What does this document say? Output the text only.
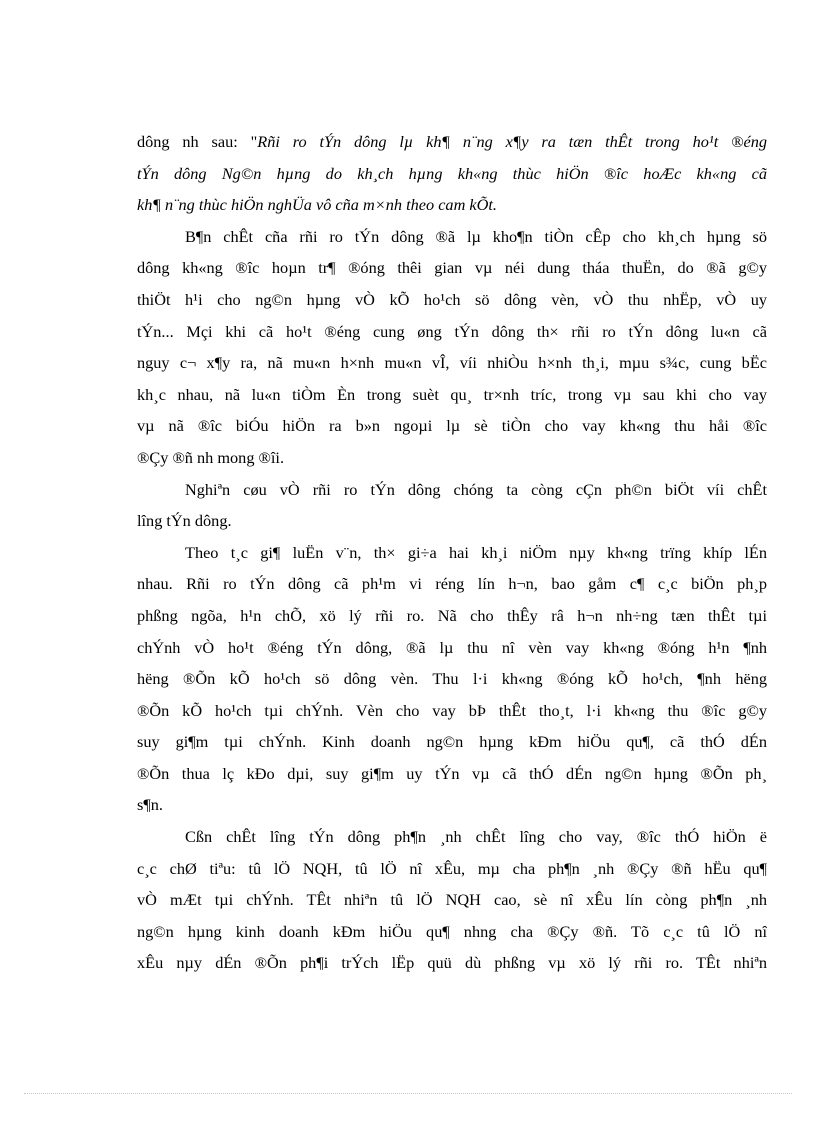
dông nh sau: "Rñi ro tÝn dông lµ kh¶ n¨ng x¶y ra tæn thÊt trong ho¹t ®éng
tÝn dông Ng©n hµng do kh¸ch hµng kh«ng thùc hiÖn ®îc hoÆc kh«ng cã
kh¶ n¨ng thùc hiÖn nghÜa vô cña m×nh theo cam kÕt.
B¶n chÊt cña rñi ro tÝn dông ®ã lµ kho¶n tiÒn cÊp cho kh¸ch hµng sö
dông kh«ng ®îc hoµn tr¶ ®óng thêi gian vµ néi dung tháa thuËn, do ®ã g©y
thiÖt h¹i cho ng©n hµng vÒ kÕ ho¹ch sö dông vèn, vÒ thu nhËp, vÒ uy
tÝn... Mçi khi cã ho¹t ®éng cung øng tÝn dông th× rñi ro tÝn dông lu«n cã
nguy c¬ x¶y ra, nã mu«n h×nh mu«n vÎ, víi nhiÒu h×nh th¸i, mµu s¾c, cung bËc
kh¸c nhau, nã lu«n tiÒm Èn trong suèt qu¸ tr×nh tríc, trong vµ sau khi cho vay
vµ nã ®îc biÓu hiÖn ra b»n ngoµi lµ sè tiÒn cho vay kh«ng thu håi ®îc
®Çy ®ñ nh mong ®îi.
Nghiªn cøu vÒ rñi ro tÝn dông chóng ta còng cÇn ph©n biÖt víi chÊt
lîng tÝn dông.
Theo t¸c gi¶ luËn v¨n, th× gi÷a hai kh¸i niÖm nµy kh«ng trïng khíp lÉn
nhau. Rñi ro tÝn dông cã ph¹m vi réng lín h¬n, bao gåm c¶ c¸c biÖn ph¸p
phßng ngõa, h¹n chÕ, xö lý rñi ro. Nã cho thÊy râ h¬n nh÷ng tæn thÊt tµi
chÝnh vÒ ho¹t ®éng tÝn dông, ®ã lµ thu nî vèn vay kh«ng ®óng h¹n ¶nh
hëng ®Õn kÕ ho¹ch sö dông vèn. Thu l·i kh«ng ®óng kÕ ho¹ch, ¶nh hëng
®Õn kÕ ho¹ch tµi chÝnh. Vèn cho vay bÞ thÊt tho¸t, l·i kh«ng thu ®îc g©y
suy gi¶m tµi chÝnh. Kinh doanh ng©n hµng kÐm hiÖu qu¶, cã thÓ dÉn
®Õn thua lç kÐo dµi, suy gi¶m uy tÝn vµ cã thÓ dÉn ng©n hµng ®Õn ph¸
s¶n.
Cßn chÊt lîng tÝn dông ph¶n ¸nh chÊt lîng cho vay, ®îc thÓ hiÖn ë
c¸c chØ tiªu: tû lÖ NQH, tû lÖ nî xÊu, mµ cha ph¶n ¸nh ®Çy ®ñ hËu qu¶
vÒ mÆt tµi chÝnh. TÊt nhiªn tû lÖ NQH cao, sè nî xÊu lín còng ph¶n ¸nh
ng©n hµng kinh doanh kÐm hiÖu qu¶ nhng cha ®Çy ®ñ. Tõ c¸c tû lÖ nî
xÊu nµy dÉn ®Õn ph¶i trÝch lËp quü dù phßng vµ xö lý rñi ro. TÊt nhiªn
